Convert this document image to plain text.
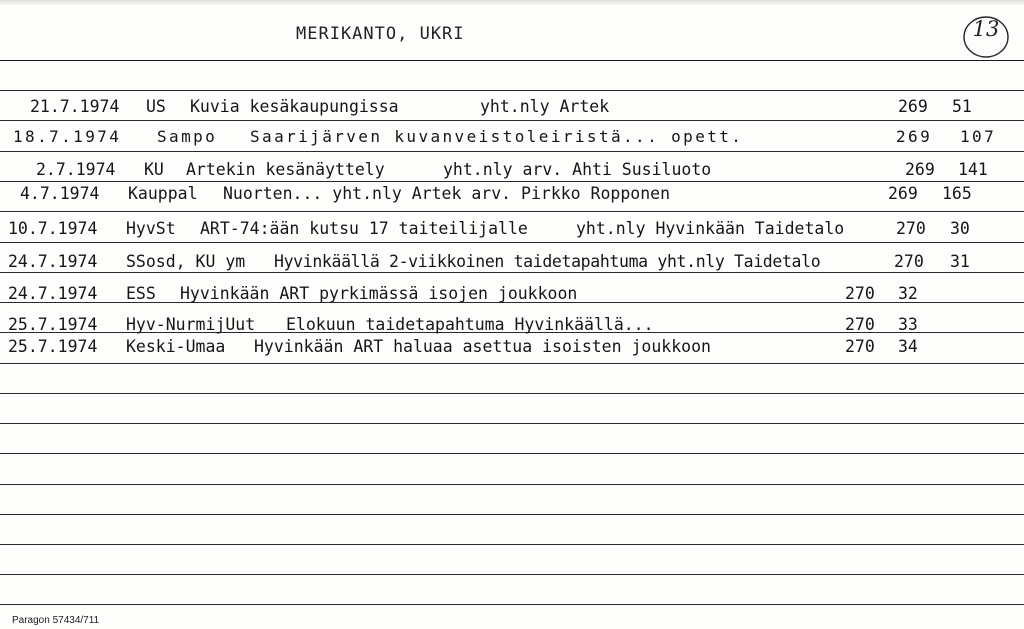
MERIKANTO, UKRI	13
21.7.1974 US Kuvia kesäkaupungissa	yht.nly Artek	269 51
18.7.1974 Sampo Saarijärven kuvanveistoleiristä... opett.	269 107
2.7.1974 KU Artekin kesänäyttely	yht.nly arv. Ahti Susiluoto	269 141
4.7.1974 Kauppal Nuorten... yht.nly Artek arv. Pirkko Ropponen	269 165
10.7.1974 HyvSt ART-74:ään kutsu 17 taiteilijalle	yht.nly Hyvinkään Taidetalo	270 30
24.7.1974 SSosd, KU ym Hyvinkäällä 2-viikkoinen taidetapahtuma yht.nly Taidetalo	270 31
24.7.1974 ESS Hyvinkään ART pyrkimässä isojen joukkoon	270 32
25.7.1974 Hyv-NurmijUut Elokuun taidetapahtuma Hyvinkäällä...	270 33
25.7.1974 Keski-Umaa Hyvinkään ART haluaa asettua isoisten joukkoon	270 34
Paragon 57434/711
